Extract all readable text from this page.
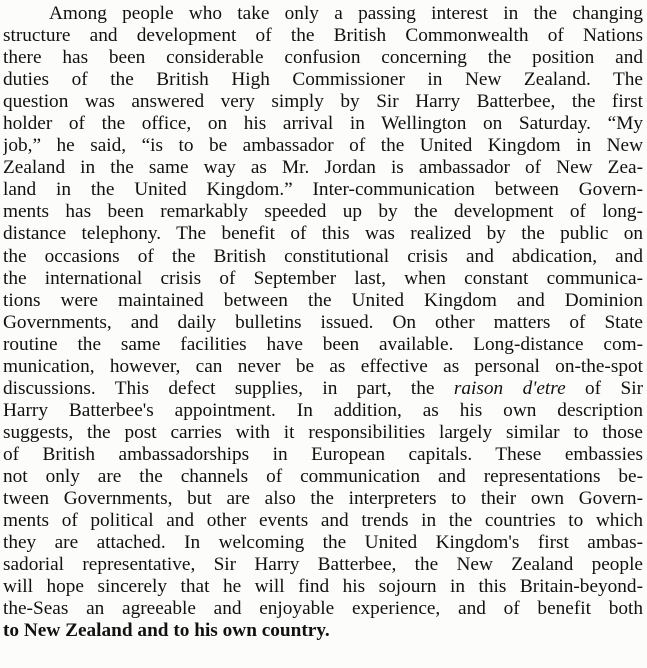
Among people who take only a passing interest in the changing
structure and development of the British Commonwealth of Nations
there has been considerable confusion concerning the position and
duties of the British High Commissioner in New Zealand. The
question was answered very simply by Sir Harry Batterbee, the first
holder of the office, on his arrival in Wellington on Saturday. “My
job,” he said, “is to be ambassador of the United Kingdom in New
Zealand in the same way as Mr. Jordan is ambassador of New Zea-
land in the United Kingdom.” Inter-communication between Govern-
ments has been remarkably speeded up by the development of long-
distance telephony. The benefit of this was realized by the public on
the occasions of the British constitutional crisis and abdication, and
the international crisis of September last, when constant communica-
tions were maintained between the United Kingdom and Dominion
Governments, and daily bulletins issued. On other matters of State
routine the same facilities have been available. Long-distance com-
munication, however, can never be as effective as personal on-the-spot
discussions. This defect supplies, in part, the raison d'etre of Sir
Harry Batterbee's appointment. In addition, as his own description
suggests, the post carries with it responsibilities largely similar to those
of British ambassadorships in European capitals. These embassies
not only are the channels of communication and representations be-
tween Governments, but are also the interpreters to their own Govern-
ments of political and other events and trends in the countries to which
they are attached. In welcoming the United Kingdom's first ambas-
sadorial representative, Sir Harry Batterbee, the New Zealand people
will hope sincerely that he will find his sojourn in this Britain-beyond-
the-Seas an agreeable and enjoyable experience, and of benefit both
to New Zealand and to his own country.
